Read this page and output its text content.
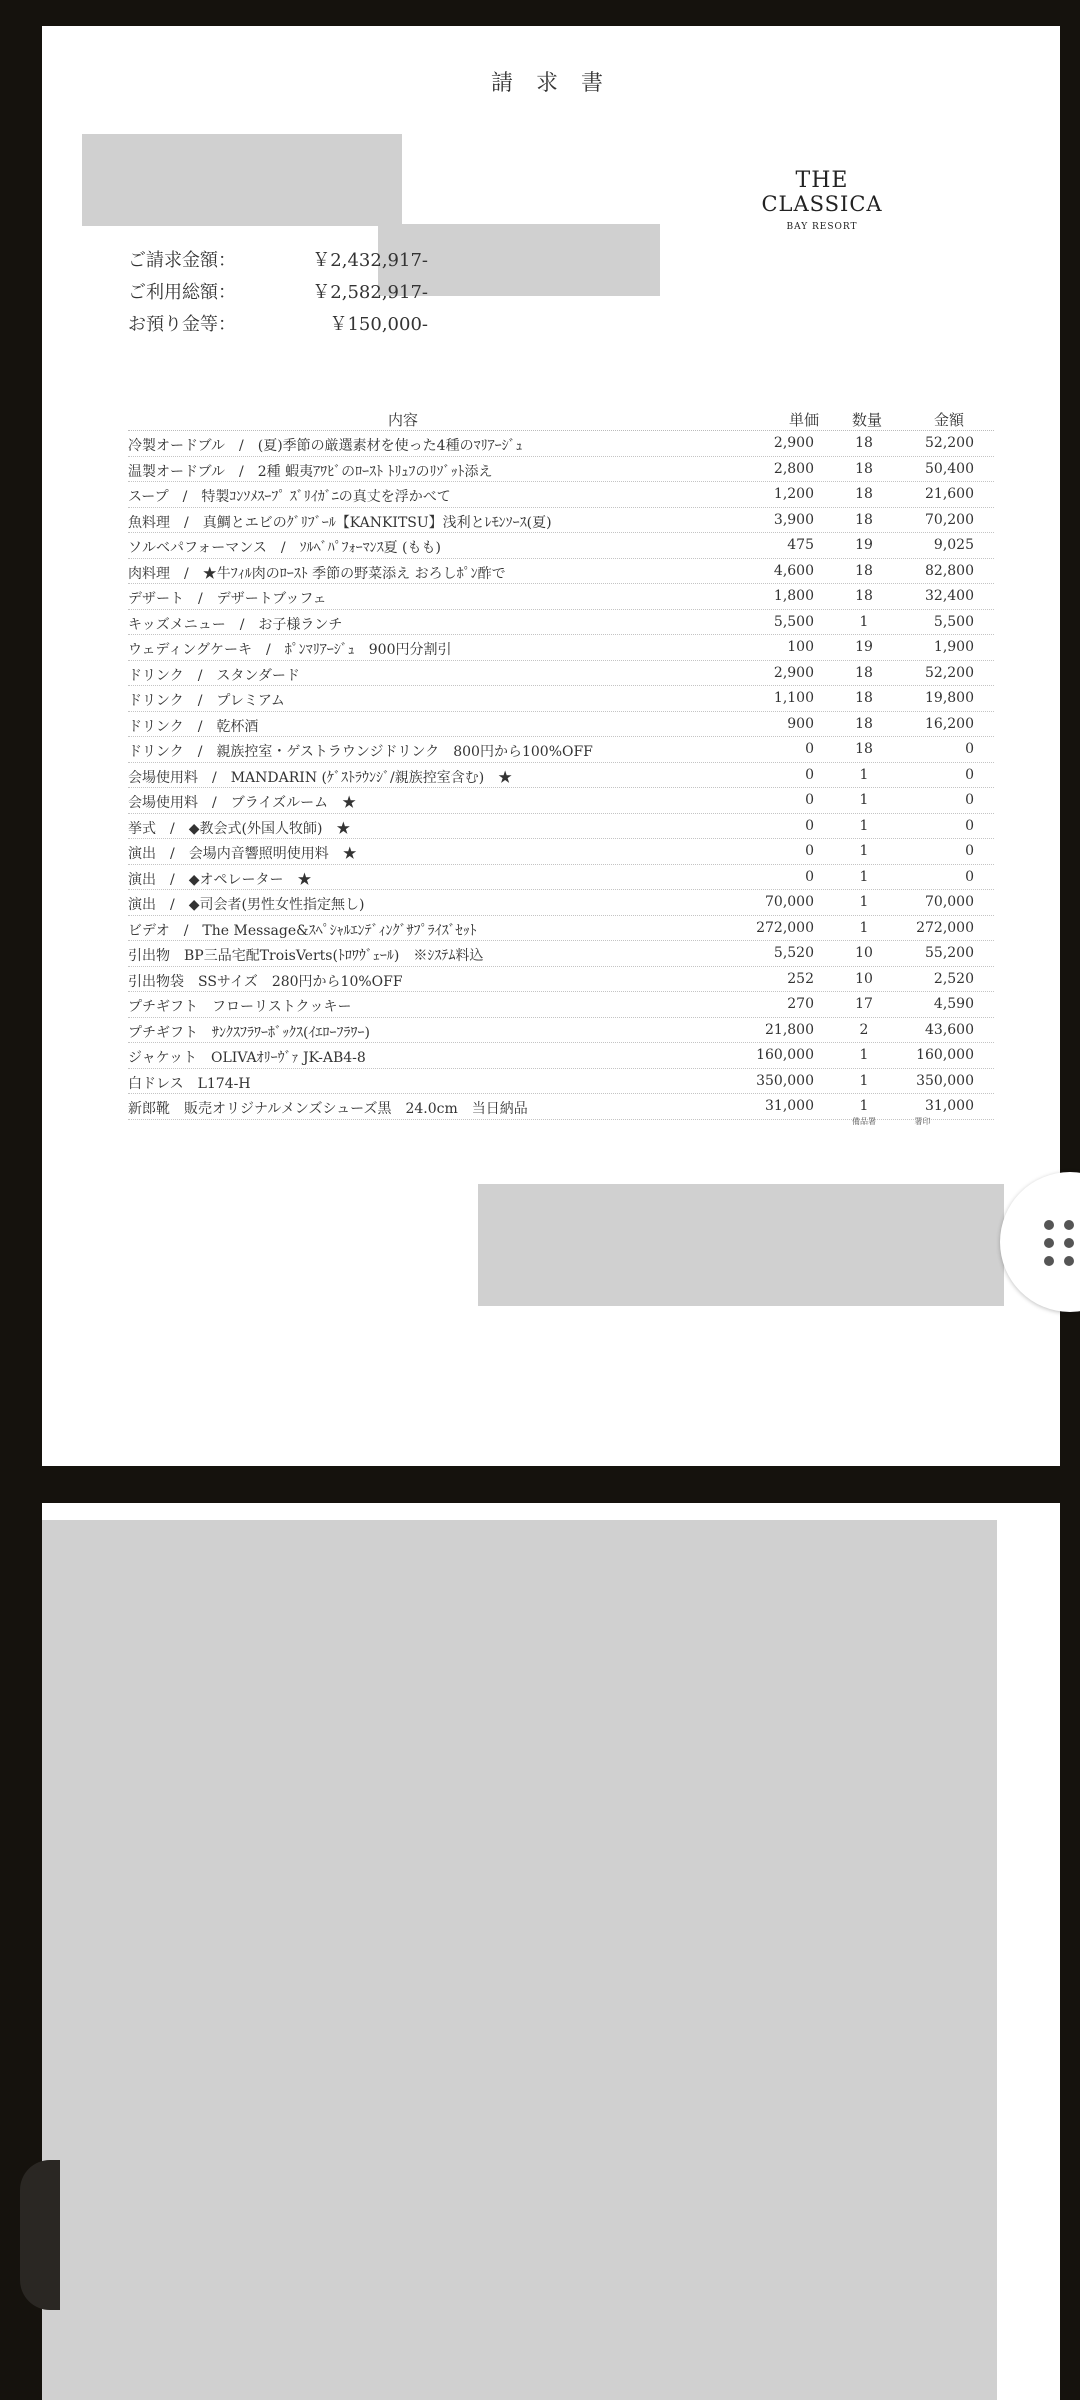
請 求 書
THE
CLASSICA
BAY RESORT
ご請求金額：	￥2,432,917-
ご利用総額：	￥2,582,917-
お預り金等：	￥150,000-
内容	単価 数量	金額
冷製オードブル　/　(夏)季節の厳選素材を使った4種のﾏﾘｱｰｼﾞｭ	2,900	18	52,200
温製オードブル　/　2種 蝦夷ｱﾜﾋﾞのﾛｰｽﾄ ﾄﾘｭﾌのﾘｿﾞｯﾄ添え	2,800	18	50,400
スープ　/　特製ｺﾝｿﾒｽｰﾌﾟ ｽﾞﾘｲｶﾞﾆの真丈を浮かべて	1,200	18	21,600
魚料理　/　真鯛とエビのｸﾞﾘﾌﾞｰﾙ【KANKITSU】浅利とﾚﾓﾝｿｰｽ(夏)	3,900	18	70,200
ソルベパフォーマンス　/　ｿﾙﾍﾞﾊﾟﾌｫｰﾏﾝｽ夏 (もも)	475	19	9,025
肉料理　/　★牛ﾌｨﾙ肉のﾛｰｽﾄ 季節の野菜添え おろしﾎﾟﾝ酢で	4,600	18	82,800
デザート　/　デザートブッフェ	1,800	18	32,400
キッズメニュー　/　お子様ランチ	5,500	1	5,500
ウェディングケーキ　/　ﾎﾟﾝﾏﾘｱｰｼﾞｭ　900円分割引	100	19	1,900
ドリンク　/　スタンダード	2,900	18	52,200
ドリンク　/　プレミアム	1,100	18	19,800
ドリンク　/　乾杯酒	900	18	16,200
ドリンク　/　親族控室・ゲストラウンジドリンク　800円から100%OFF	0	18	0
会場使用料　/　MANDARIN (ｹﾞｽﾄﾗｳﾝｼﾞ/親族控室含む)　★	0	1	0
会場使用料　/　ブライズルーム　★	0	1	0
挙式　/　◆教会式(外国人牧師)　★	0	1	0
演出　/　会場内音響照明使用料　★	0	1	0
演出　/　◆オペレーター　★	0	1	0
演出　/　◆司会者(男性女性指定無し)	70,000	1	70,000
ビデオ　/　The Message&ｽﾍﾟｼｬﾙｴﾝﾃﾞｨﾝｸﾞｻﾌﾟﾗｲｽﾞｾｯﾄ	272,000	1	272,000
引出物　BP三品宅配TroisVerts(ﾄﾛﾜｳﾞｪｰﾙ)　※ｼｽﾃﾑ料込	5,520	10	55,200
引出物袋　SSサイズ　280円から10%OFF	252	10	2,520
プチギフト　フローリストクッキー	270	17	4,590
プチギフト　ｻﾝｸｽﾌﾗﾜｰﾎﾞｯｸｽ(ｲｴﾛｰﾌﾗﾜｰ)	21,800	2	43,600
ジャケット　OLIVAｵﾘｰｳﾞｧ JK-AB4-8	160,000	1	160,000
白ドレス　L174-H	350,000	1	350,000
新郎靴　販売オリジナルメンズシューズ黒　24.0cm　当日納品	31,000	1	31,000
備品署	署印
